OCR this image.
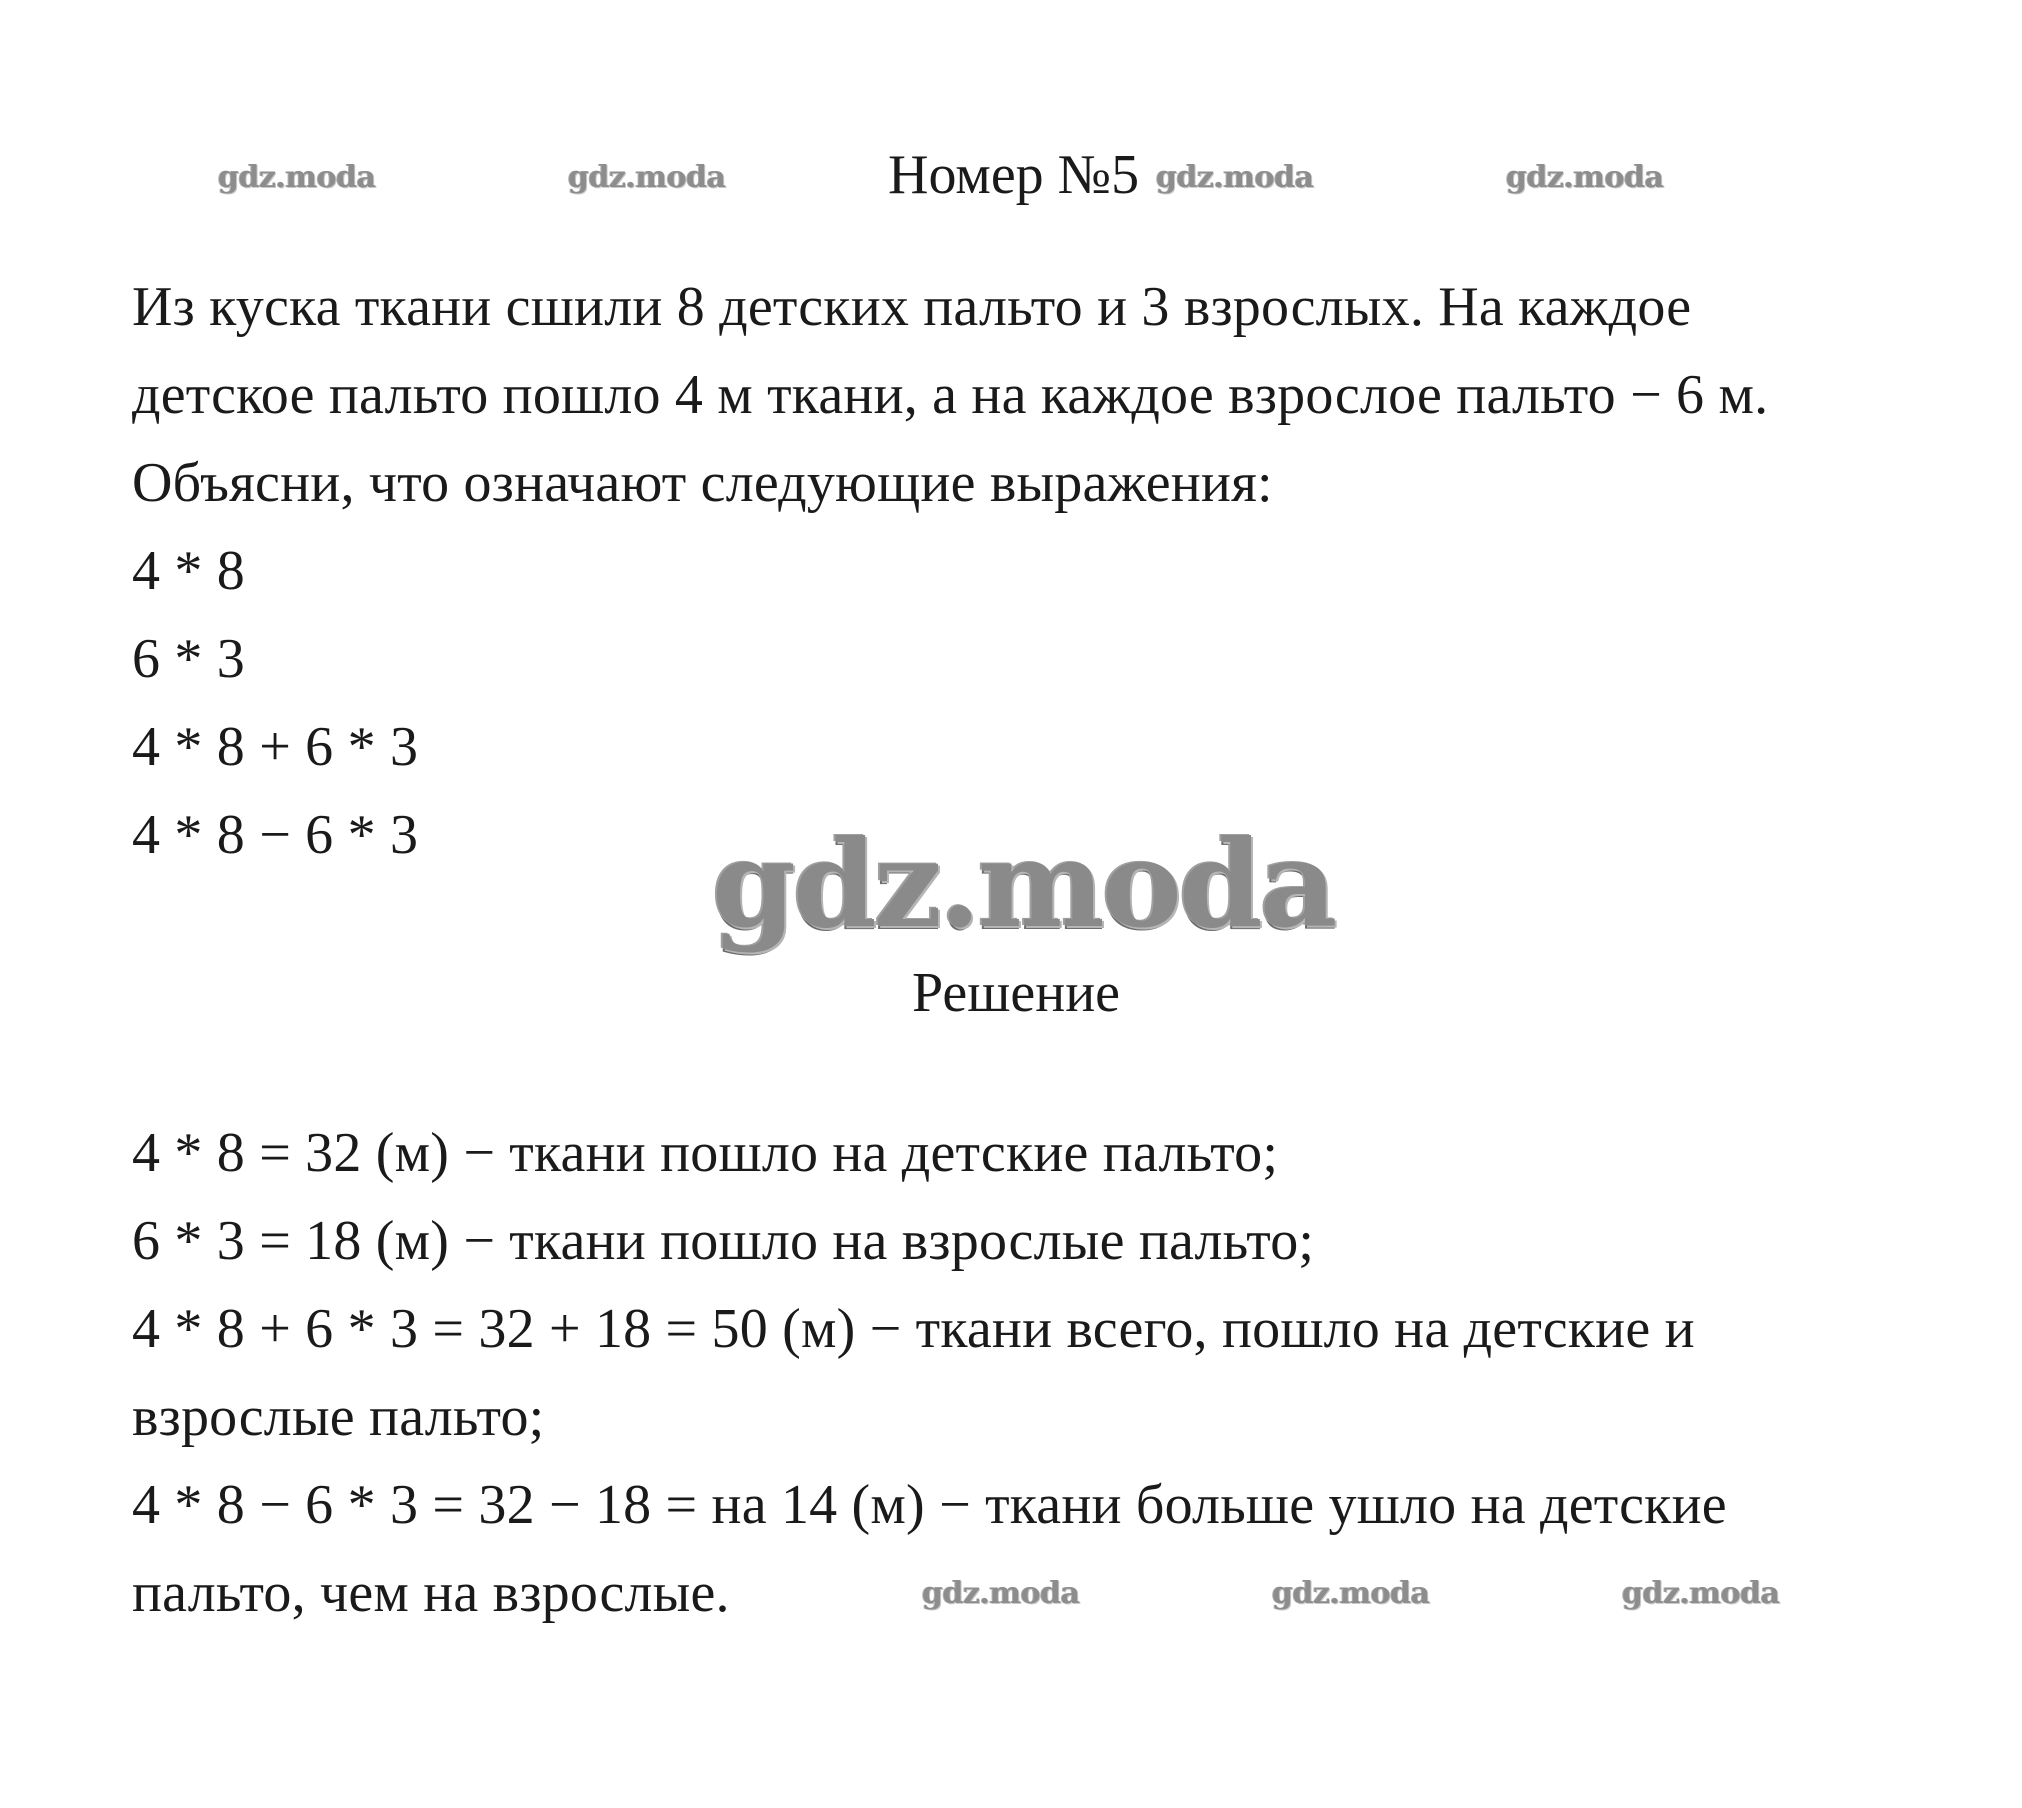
gdz.moda	gdz.moda	gdz.moda	gdz.moda
Номер №5
Из куска ткани сшили 8 детских пальто и 3 взрослых. На каждое
детское пальто пошло 4 м ткани, а на каждое взрослое пальто − 6 м.
Объясни, что означают следующие выражения:
4 * 8
6 * 3
4 * 8 + 6 * 3
4 * 8 − 6 * 3 gdz.moda
Решение
4 * 8 = 32 (м) − ткани пошло на детские пальто;
6 * 3 = 18 (м) − ткани пошло на взрослые пальто;
4 * 8 + 6 * 3 = 32 + 18 = 50 (м) − ткани всего, пошло на детские и
взрослые пальто;
4 * 8 − 6 * 3 = 32 − 18 = на 14 (м) − ткани больше ушло на детские
пальто, чем на взрослые.	gdz.moda	gdz.moda	gdz.moda
